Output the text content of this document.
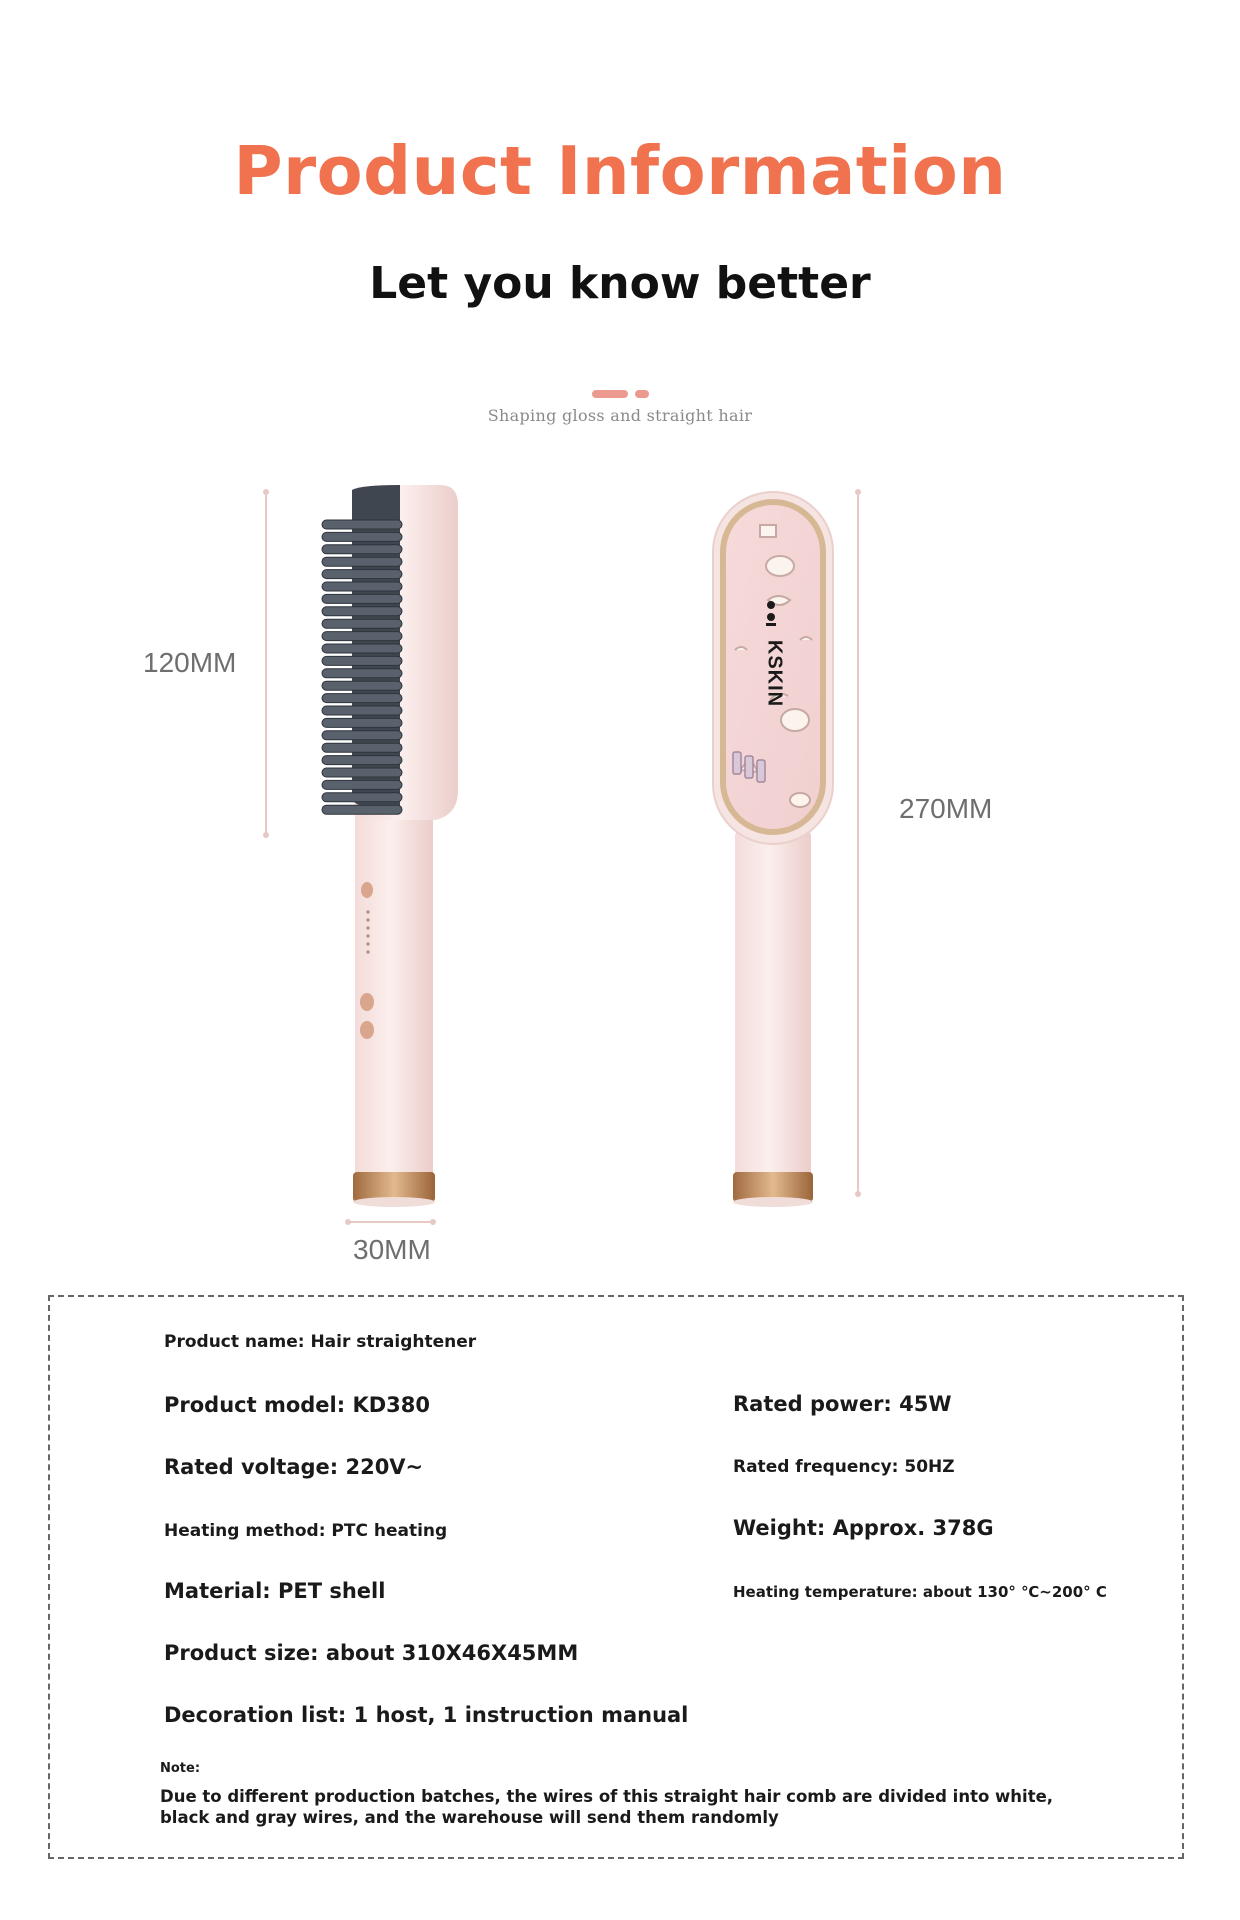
Product Information
Let you know better
Shaping gloss and straight hair
KSKIN
120MM
270MM
30MM
Product name: Hair straightener
Product model: KD380	Rated power: 45W
Rated voltage: 220V~	Rated frequency: 50HZ
Heating method: PTC heating	Weight: Approx. 378G
Material: PET shell	Heating temperature: about 130° ℃~200° C
Product size: about 310X46X45MM
Decoration list: 1 host, 1 instruction manual
Note:
Due to different production batches, the wires of this straight hair comb are divided into white, black and gray wires, and the warehouse will send them randomly
